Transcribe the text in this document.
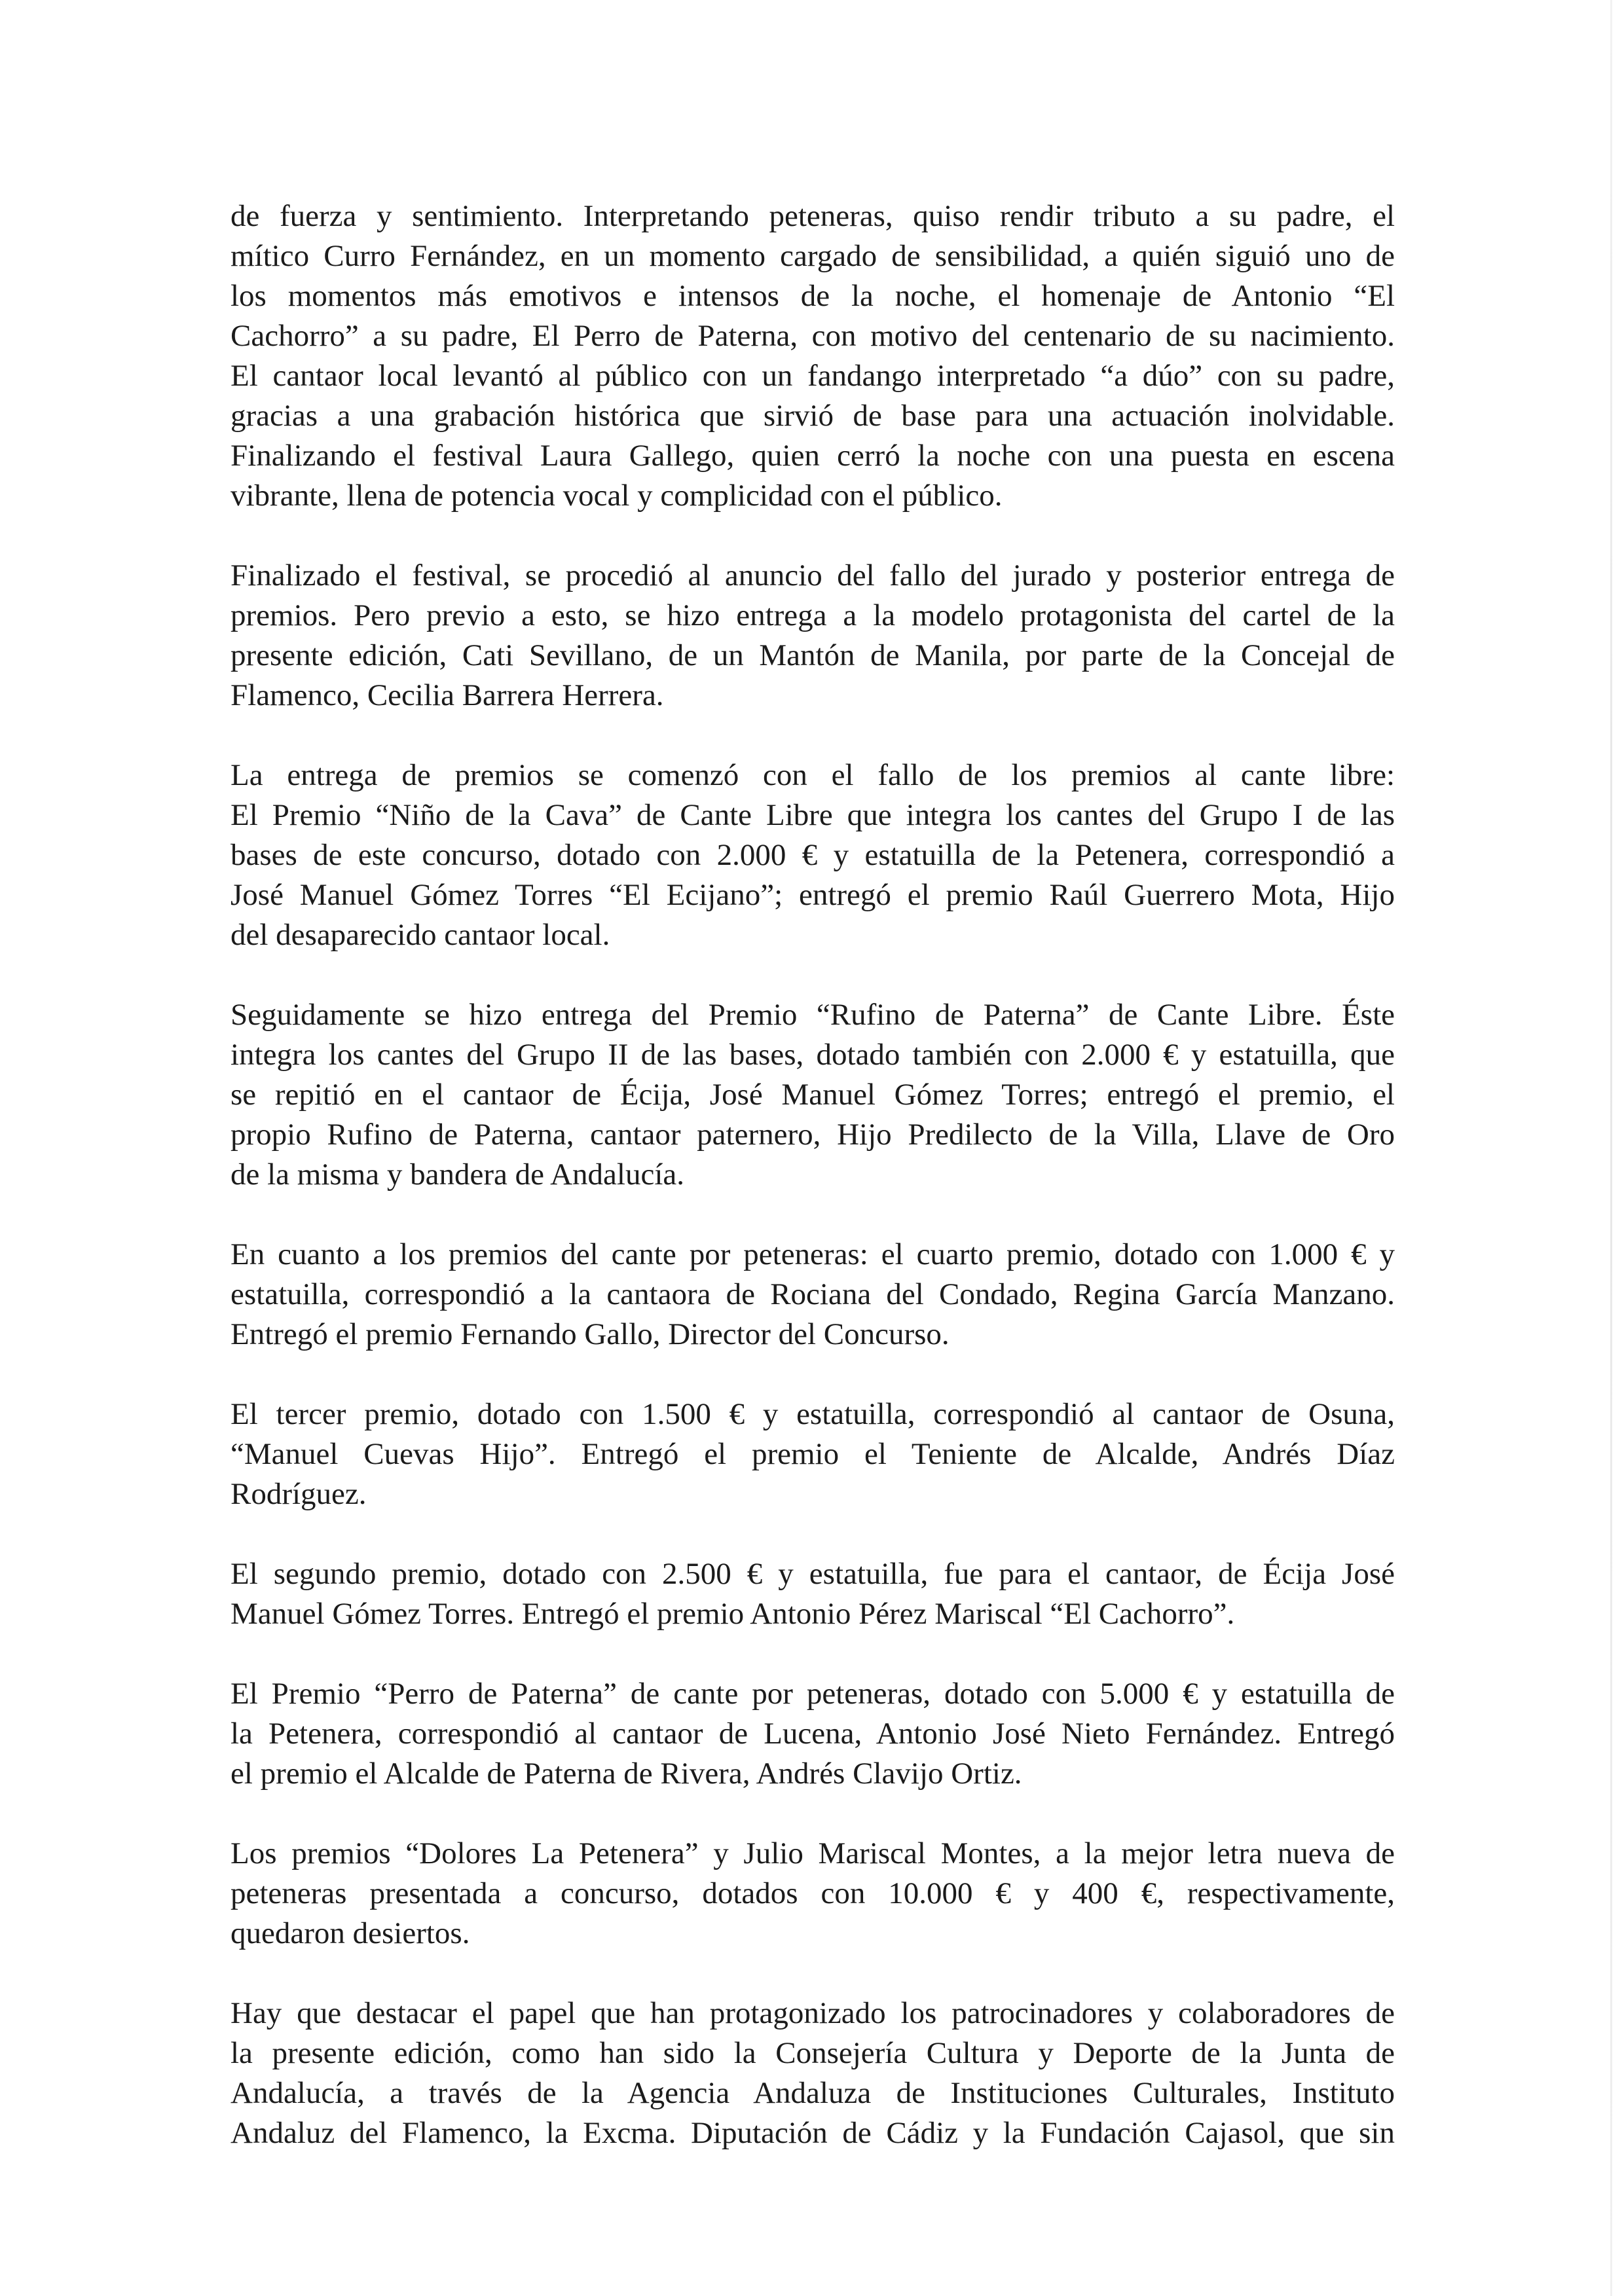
de fuerza y sentimiento. Interpretando peteneras, quiso rendir tributo a su padre, el
mítico Curro Fernández, en un momento cargado de sensibilidad, a quién siguió uno de
los momentos más emotivos e intensos de la noche, el homenaje de Antonio “El
Cachorro” a su padre, El Perro de Paterna, con motivo del centenario de su nacimiento.
El cantaor local levantó al público con un fandango interpretado “a dúo” con su padre,
gracias a una grabación histórica que sirvió de base para una actuación inolvidable.
Finalizando el festival Laura Gallego, quien cerró la noche con una puesta en escena
vibrante, llena de potencia vocal y complicidad con el público.

Finalizado el festival, se procedió al anuncio del fallo del jurado y posterior entrega de
premios. Pero previo a esto, se hizo entrega a la modelo protagonista del cartel de la
presente edición, Cati Sevillano, de un Mantón de Manila, por parte de la Concejal de
Flamenco, Cecilia Barrera Herrera.

La entrega de premios se comenzó con el fallo de los premios al cante libre:
El Premio “Niño de la Cava” de Cante Libre que integra los cantes del Grupo I de las
bases de este concurso, dotado con 2.000 € y estatuilla de la Petenera, correspondió a
José Manuel Gómez Torres “El Ecijano”; entregó el premio Raúl Guerrero Mota, Hijo
del desaparecido cantaor local.

Seguidamente se hizo entrega del Premio “Rufino de Paterna” de Cante Libre. Éste
integra los cantes del Grupo II de las bases, dotado también con 2.000 € y estatuilla, que
se repitió en el cantaor de Écija, José Manuel Gómez Torres; entregó el premio, el
propio Rufino de Paterna, cantaor paternero, Hijo Predilecto de la Villa, Llave de Oro
de la misma y bandera de Andalucía.

En cuanto a los premios del cante por peteneras: el cuarto premio, dotado con 1.000 € y
estatuilla, correspondió a la cantaora de Rociana del Condado, Regina García Manzano.
Entregó el premio Fernando Gallo, Director del Concurso.

El tercer premio, dotado con 1.500 € y estatuilla, correspondió al cantaor de Osuna,
“Manuel Cuevas Hijo”. Entregó el premio el Teniente de Alcalde, Andrés Díaz
Rodríguez.

El segundo premio, dotado con 2.500 € y estatuilla, fue para el cantaor, de Écija José
Manuel Gómez Torres. Entregó el premio Antonio Pérez Mariscal “El Cachorro”.

El Premio “Perro de Paterna” de cante por peteneras, dotado con 5.000 € y estatuilla de
la Petenera, correspondió al cantaor de Lucena, Antonio José Nieto Fernández. Entregó
el premio el Alcalde de Paterna de Rivera, Andrés Clavijo Ortiz.

Los premios “Dolores La Petenera” y Julio Mariscal Montes, a la mejor letra nueva de
peteneras presentada a concurso, dotados con 10.000 € y 400 €, respectivamente,
quedaron desiertos.

Hay que destacar el papel que han protagonizado los patrocinadores y colaboradores de
la presente edición, como han sido la Consejería Cultura y Deporte de la Junta de
Andalucía, a través de la Agencia Andaluza de Instituciones Culturales, Instituto
Andaluz del Flamenco, la Excma. Diputación de Cádiz y la Fundación Cajasol, que sin
